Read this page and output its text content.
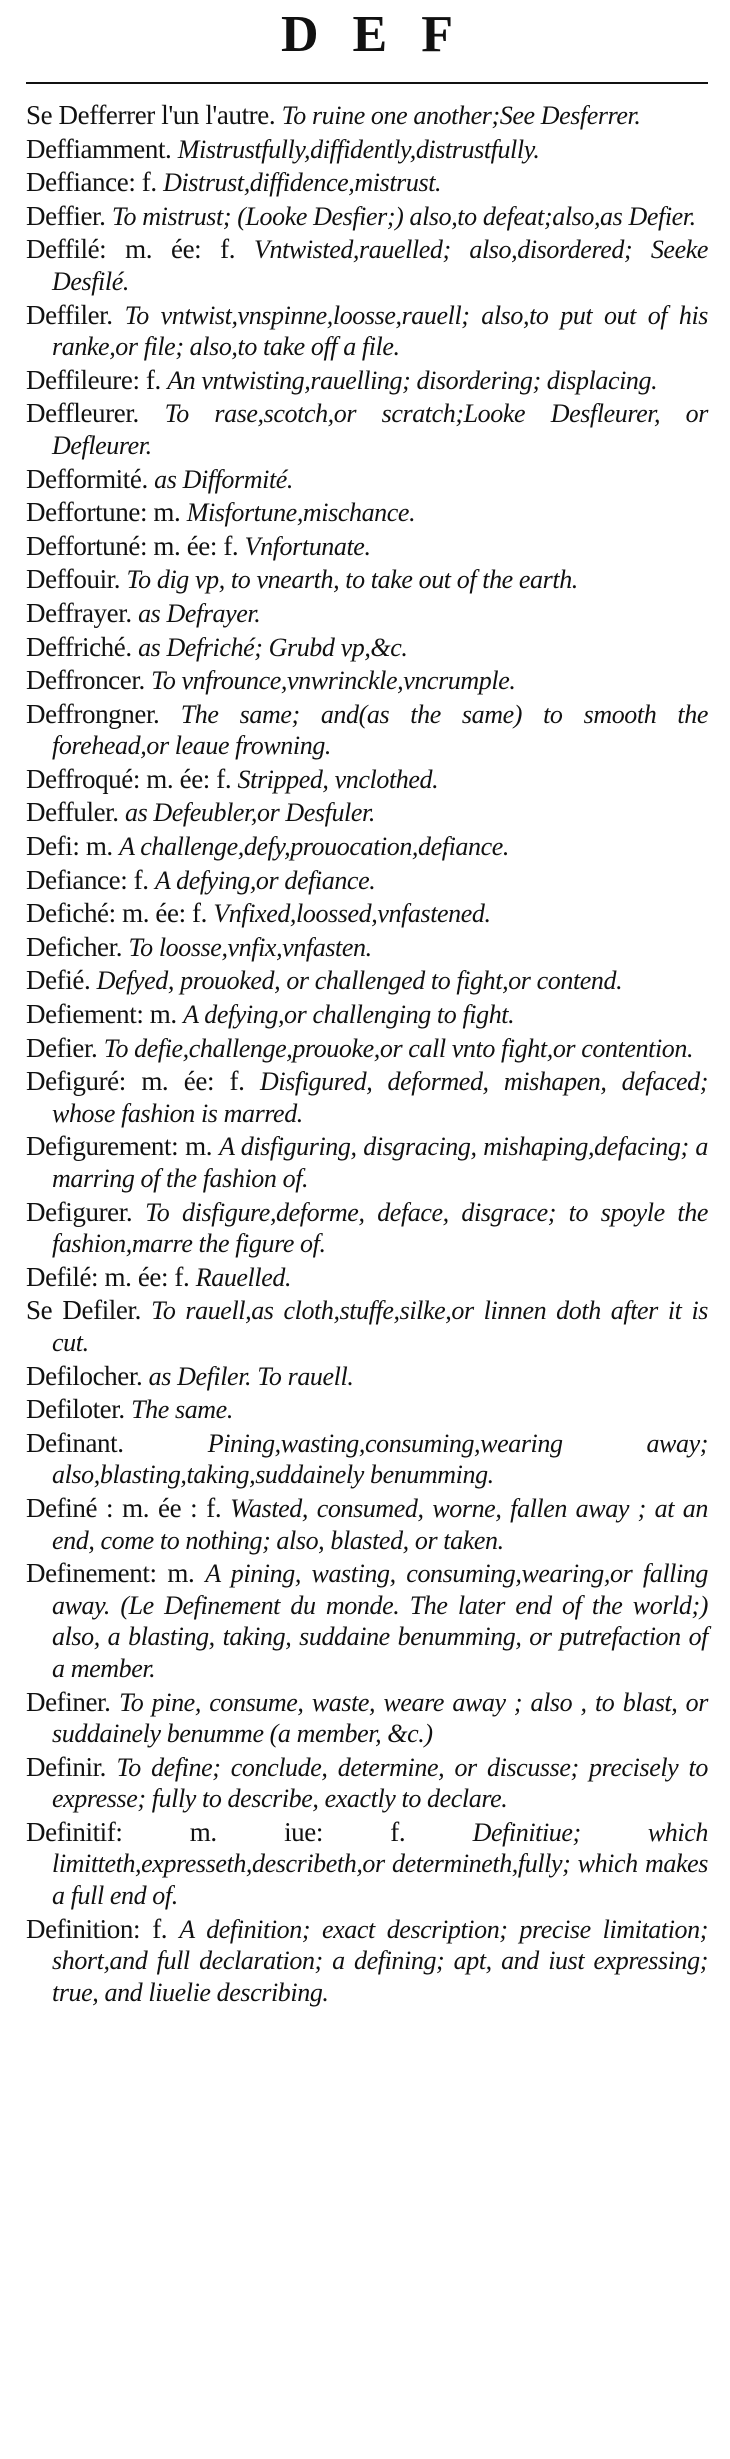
DEF

Se Defferrer l'un l'autre. To ruine one another;See Desferrer.

Deffiamment. Mistrustfully,diffidently,distrustfully.

Deffiance: f. Distrust,diffidence,mistrust.

Deffier. To mistrust; (Looke Desfier;) also,to defeat;also,as Defier.

Deffilé: m. ée: f. Vntwisted,rauelled; also,disordered; Seeke Desfilé.

Deffiler. To vntwist,vnspinne,loosse,rauell; also,to put out of his ranke,or file; also,to take off a file.

Deffileure: f. An vntwisting,rauelling; disordering; displacing.

Deffleurer. To rase,scotch,or scratch;Looke Desfleurer, or Defleurer.

Defformité. as Difformité.

Deffortune: m. Misfortune,mischance.

Deffortuné: m. ée: f. Vnfortunate.

Deffouir. To dig vp, to vnearth, to take out of the earth.

Deffrayer. as Defrayer.

Deffriché. as Defriché; Grubd vp,&c.

Deffroncer. To vnfrounce,vnwrinckle,vncrumple.

Deffrongner. The same; and(as the same) to smooth the forehead,or leaue frowning.

Deffroqué: m. ée: f. Stripped, vnclothed.

Deffuler. as Defeubler,or Desfuler.

Defi: m. A challenge,defy,prouocation,defiance.

Defiance: f. A defying,or defiance.

Defiché: m. ée: f. Vnfixed,loossed,vnfastened.

Deficher. To loosse,vnfix,vnfasten.

Defié. Defyed, prouoked, or challenged to fight,or contend.

Defiement: m. A defying,or challenging to fight.

Defier. To defie,challenge,prouoke,or call vnto fight,or contention.

Defiguré: m. ée: f. Disfigured, deformed, mishapen, defaced; whose fashion is marred.

Defigurement: m. A disfiguring, disgracing, mishaping,defacing; a marring of the fashion of.

Defigurer. To disfigure,deforme, deface, disgrace; to spoyle the fashion,marre the figure of.

Defilé: m. ée: f. Rauelled.

Se Defiler. To rauell,as cloth,stuffe,silke,or linnen doth after it is cut.

Defilocher. as Defiler. To rauell.

Defiloter. The same.

Definant.	Pining,wasting,consuming,wearing away; also,blasting,taking,suddainely benumming.

Definé : m. ée : f. Wasted, consumed, worne, fallen away ; at an end, come to nothing; also, blasted, or taken.

Definement: m. A pining, wasting, consuming,wearing,or falling away. (Le Definement du monde. The later end of the world;) also, a blasting, taking, suddaine benumming, or putrefaction of a member.

Definer. To pine, consume, waste, weare away ; also , to blast, or suddainely benumme (a member, &c.)

Definir. To define; conclude, determine, or discusse; precisely to expresse; fully to describe, exactly to declare.

Definitif: m. iue: f.	Definitiue; which limitteth,expresseth,describeth,or determineth,fully; which makes a full end of.

Definition: f. A definition; exact description; precise limitation; short,and full declaration; a defining; apt, and iust expressing; true, and liuelie describing.
